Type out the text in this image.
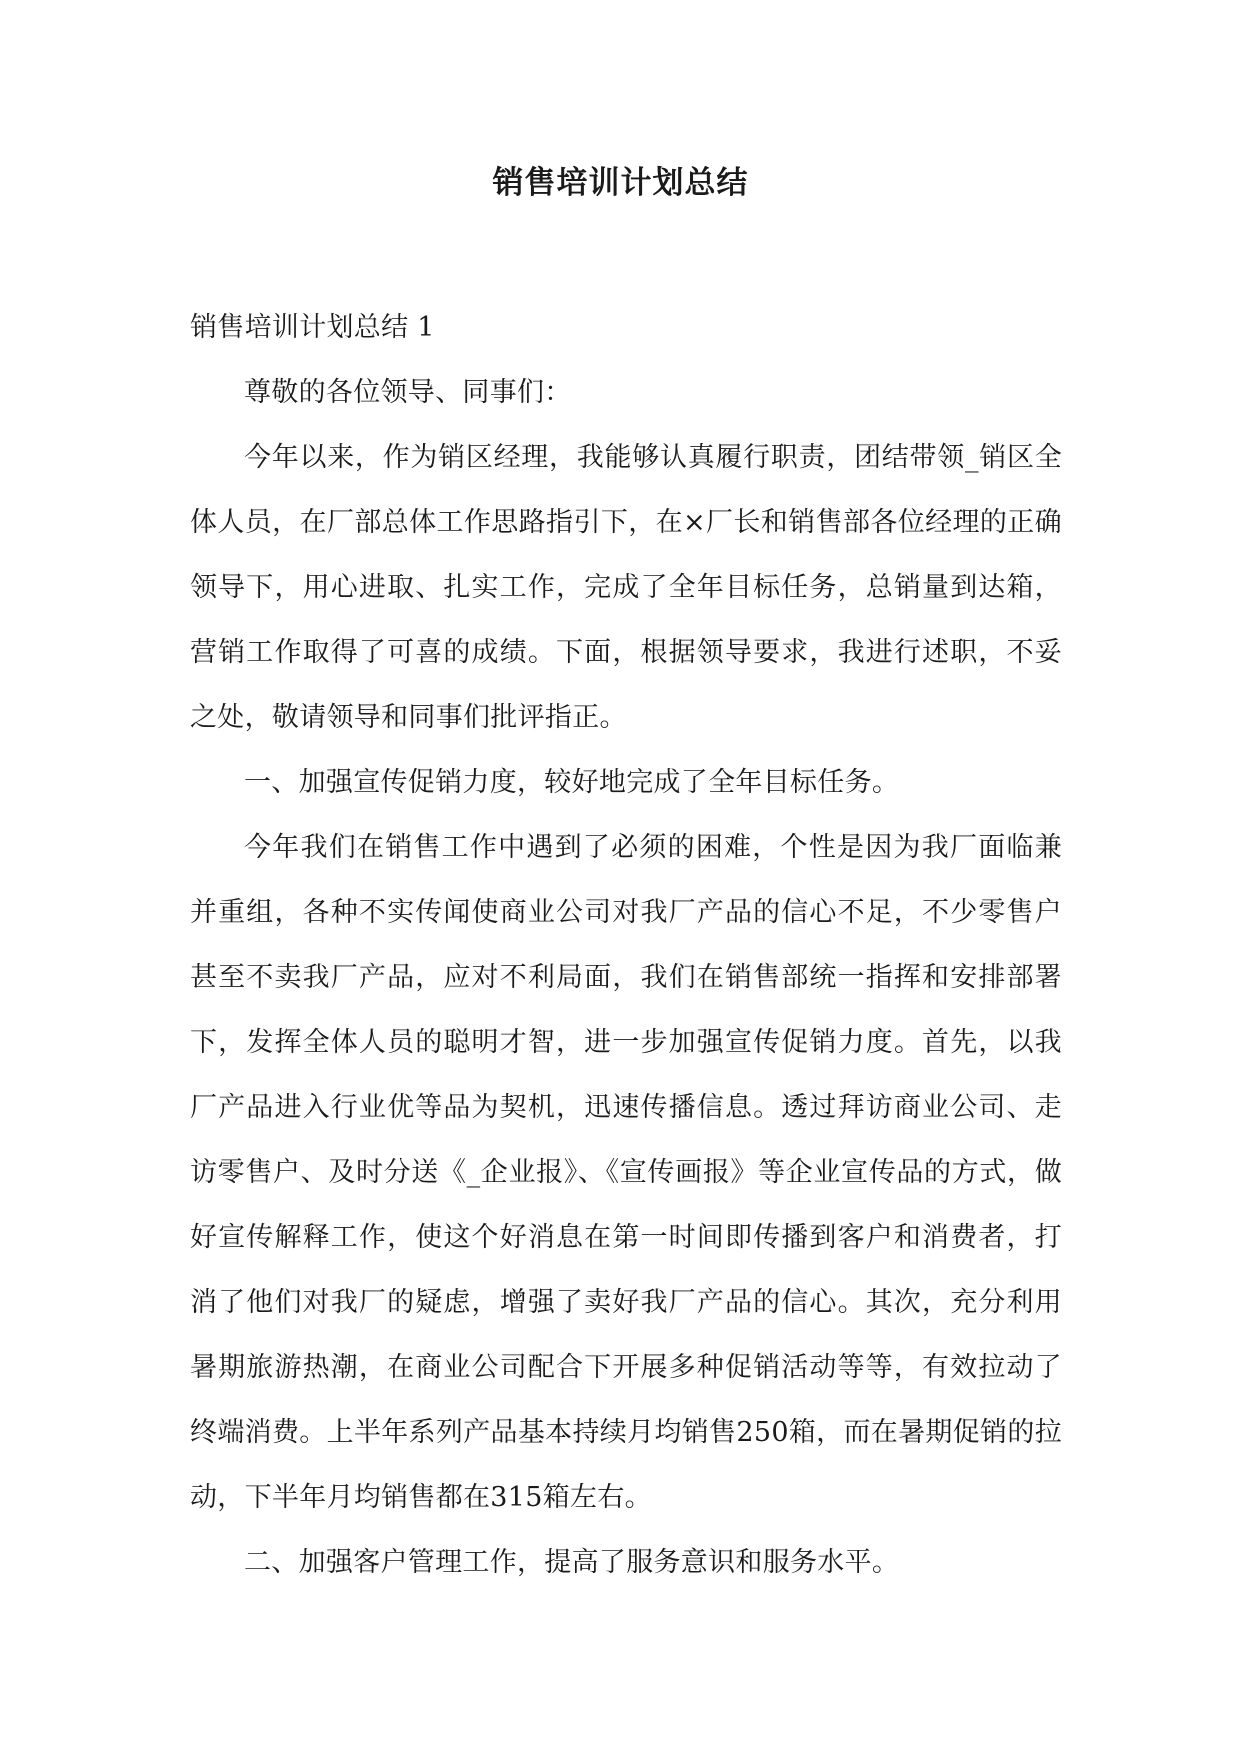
销售培训计划总结

销售培训计划总结 1

尊敬的各位领导、同事们：

今年以来，作为销区经理，我能够认真履行职责，团结带领_销区全体人员，在厂部总体工作思路指引下，在×厂长和销售部各位经理的正确领导下，用心进取、扎实工作，完成了全年目标任务，总销量到达箱，营销工作取得了可喜的成绩。下面，根据领导要求，我进行述职，不妥之处，敬请领导和同事们批评指正。

一、加强宣传促销力度，较好地完成了全年目标任务。

今年我们在销售工作中遇到了必须的困难，个性是因为我厂面临兼并重组，各种不实传闻使商业公司对我厂产品的信心不足，不少零售户甚至不卖我厂产品，应对不利局面，我们在销售部统一指挥和安排部署下，发挥全体人员的聪明才智，进一步加强宣传促销力度。首先，以我厂产品进入行业优等品为契机，迅速传播信息。透过拜访商业公司、走访零售户、及时分送《_企业报》、《宣传画报》等企业宣传品的方式，做好宣传解释工作，使这个好消息在第一时间即传播到客户和消费者，打消了他们对我厂的疑虑，增强了卖好我厂产品的信心。其次，充分利用暑期旅游热潮，在商业公司配合下开展多种促销活动等等，有效拉动了终端消费。上半年系列产品基本持续月均销售250箱，而在暑期促销的拉动，下半年月均销售都在315箱左右。

二、加强客户管理工作，提高了服务意识和服务水平。
